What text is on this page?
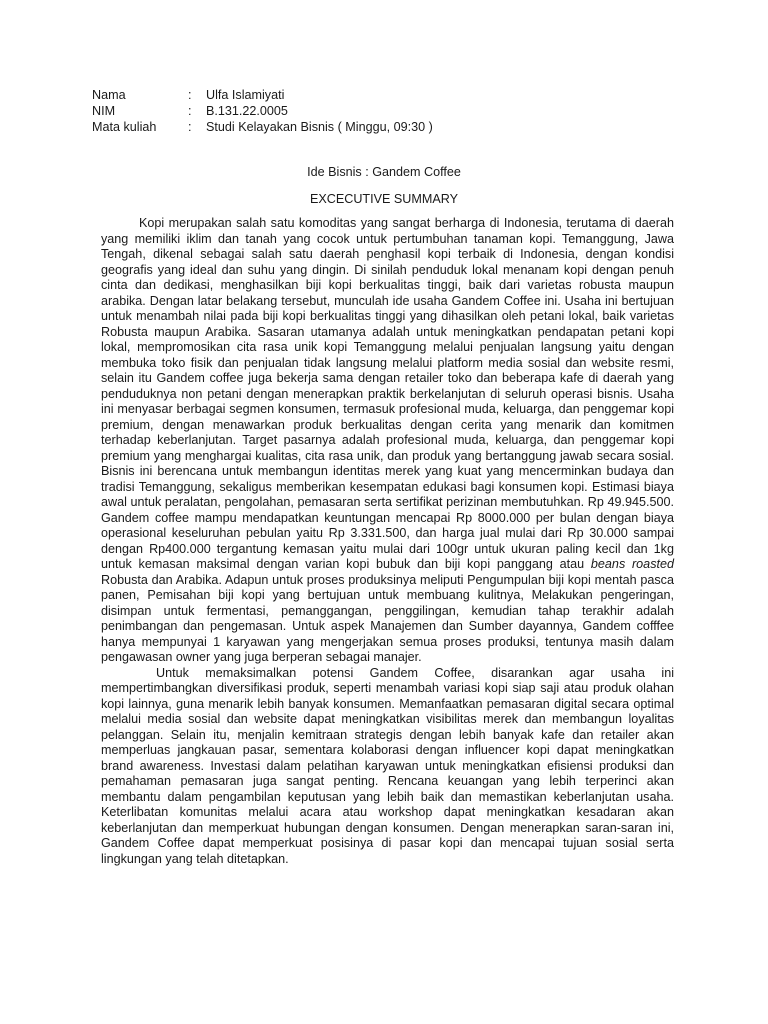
Nama	:	Ulfa Islamiyati
NIM	:	B.131.22.0005
Mata kuliah	:	Studi Kelayakan Bisnis ( Minggu, 09:30 )
Ide Bisnis : Gandem Coffee
EXCECUTIVE SUMMARY

Kopi merupakan salah satu komoditas yang sangat berharga di Indonesia, terutama di daerah yang memiliki iklim dan tanah yang cocok untuk pertumbuhan tanaman kopi. Temanggung, Jawa Tengah, dikenal sebagai salah satu daerah penghasil kopi terbaik di Indonesia, dengan kondisi geografis yang ideal dan suhu yang dingin. Di sinilah penduduk lokal menanam kopi dengan penuh cinta dan dedikasi, menghasilkan biji kopi berkualitas tinggi, baik dari varietas robusta maupun arabika. Dengan latar belakang tersebut, munculah ide usaha Gandem Coffee ini. Usaha ini bertujuan untuk menambah nilai pada biji kopi berkualitas tinggi yang dihasilkan oleh petani lokal, baik varietas Robusta maupun Arabika. Sasaran utamanya adalah untuk meningkatkan pendapatan petani kopi lokal, mempromosikan cita rasa unik kopi Temanggung melalui penjualan langsung yaitu dengan membuka toko fisik dan penjualan tidak langsung melalui platform media sosial dan website resmi, selain itu Gandem coffee juga bekerja sama dengan retailer toko dan beberapa kafe di daerah yang penduduknya non petani dengan menerapkan praktik berkelanjutan di seluruh operasi bisnis. Usaha ini menyasar berbagai segmen konsumen, termasuk profesional muda, keluarga, dan penggemar kopi premium, dengan menawarkan produk berkualitas dengan cerita yang menarik dan komitmen terhadap keberlanjutan. Target pasarnya adalah profesional muda, keluarga, dan penggemar kopi premium yang menghargai kualitas, cita rasa unik, dan produk yang bertanggung jawab secara sosial. Bisnis ini berencana untuk membangun identitas merek yang kuat yang mencerminkan budaya dan tradisi Temanggung, sekaligus memberikan kesempatan edukasi bagi konsumen kopi. Estimasi biaya awal untuk peralatan, pengolahan, pemasaran serta sertifikat perizinan membutuhkan. Rp 49.945.500. Gandem coffee mampu mendapatkan keuntungan mencapai Rp 8000.000 per bulan dengan biaya operasional keseluruhan pebulan yaitu Rp 3.331.500, dan harga jual mulai dari Rp 30.000 sampai dengan Rp400.000 tergantung kemasan yaitu mulai dari 100gr untuk ukuran paling kecil dan 1kg untuk kemasan maksimal dengan varian kopi bubuk dan biji kopi panggang atau beans roasted Robusta dan Arabika. Adapun untuk proses produksinya meliputi Pengumpulan biji kopi mentah pasca panen, Pemisahan biji kopi yang bertujuan untuk membuang kulitnya, Melakukan pengeringan, disimpan untuk fermentasi, pemanggangan, penggilingan, kemudian tahap terakhir adalah penimbangan dan pengemasan. Untuk aspek Manajemen dan Sumber dayannya, Gandem cofffee hanya mempunyai 1 karyawan yang mengerjakan semua proses produksi, tentunya masih dalam pengawasan owner yang juga berperan sebagai manajer.

Untuk memaksimalkan potensi Gandem Coffee, disarankan agar usaha ini mempertimbangkan diversifikasi produk, seperti menambah variasi kopi siap saji atau produk olahan kopi lainnya, guna menarik lebih banyak konsumen. Memanfaatkan pemasaran digital secara optimal melalui media sosial dan website dapat meningkatkan visibilitas merek dan membangun loyalitas pelanggan. Selain itu, menjalin kemitraan strategis dengan lebih banyak kafe dan retailer akan memperluas jangkauan pasar, sementara kolaborasi dengan influencer kopi dapat meningkatkan brand awareness. Investasi dalam pelatihan karyawan untuk meningkatkan efisiensi produksi dan pemahaman pemasaran juga sangat penting. Rencana keuangan yang lebih terperinci akan membantu dalam pengambilan keputusan yang lebih baik dan memastikan keberlanjutan usaha. Keterlibatan komunitas melalui acara atau workshop dapat meningkatkan kesadaran akan keberlanjutan dan memperkuat hubungan dengan konsumen. Dengan menerapkan saran-saran ini, Gandem Coffee dapat memperkuat posisinya di pasar kopi dan mencapai tujuan sosial serta lingkungan yang telah ditetapkan.
